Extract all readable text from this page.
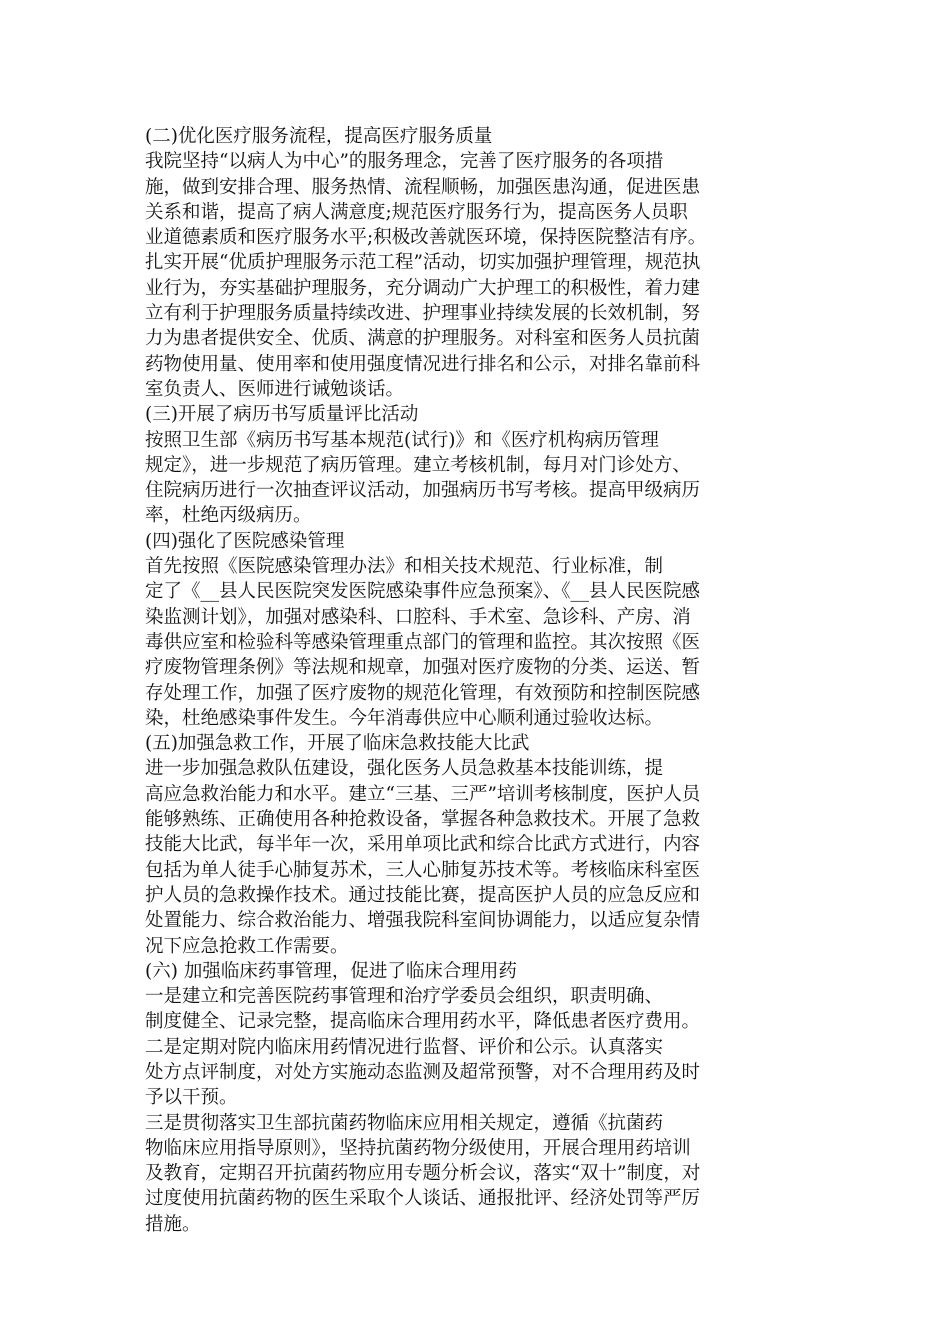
(二)优化医疗服务流程，提高医疗服务质量
我院坚持“以病人为中心”的服务理念，完善了医疗服务的各项措
施，做到安排合理、服务热情、流程顺畅，加强医患沟通，促进医患
关系和谐，提高了病人满意度;规范医疗服务行为，提高医务人员职
业道德素质和医疗服务水平;积极改善就医环境，保持医院整洁有序。
扎实开展“优质护理服务示范工程”活动，切实加强护理管理，规范执
业行为，夯实基础护理服务，充分调动广大护理工的积极性，着力建
立有利于护理服务质量持续改进、护理事业持续发展的长效机制，努
力为患者提供安全、优质、满意的护理服务。对科室和医务人员抗菌
药物使用量、使用率和使用强度情况进行排名和公示，对排名靠前科
室负责人、医师进行诫勉谈话。
(三)开展了病历书写质量评比活动
按照卫生部《病历书写基本规范(试行)》和《医疗机构病历管理
规定》，进一步规范了病历管理。建立考核机制，每月对门诊处方、
住院病历进行一次抽查评议活动，加强病历书写考核。提高甲级病历
率，杜绝丙级病历。
(四)强化了医院感染管理
首先按照《医院感染管理办法》和相关技术规范、行业标准，制
定了《__县人民医院突发医院感染事件应急预案》、《__县人民医院感
染监测计划》，加强对感染科、口腔科、手术室、急诊科、产房、消
毒供应室和检验科等感染管理重点部门的管理和监控。其次按照《医
疗废物管理条例》等法规和规章，加强对医疗废物的分类、运送、暂
存处理工作，加强了医疗废物的规范化管理，有效预防和控制医院感
染，杜绝感染事件发生。今年消毒供应中心顺利通过验收达标。
(五)加强急救工作，开展了临床急救技能大比武
进一步加强急救队伍建设，强化医务人员急救基本技能训练，提
高应急救治能力和水平。建立“三基、三严”培训考核制度，医护人员
能够熟练、正确使用各种抢救设备，掌握各种急救技术。开展了急救
技能大比武，每半年一次，采用单项比武和综合比武方式进行，内容
包括为单人徒手心肺复苏术，三人心肺复苏技术等。考核临床科室医
护人员的急救操作技术。通过技能比赛，提高医护人员的应急反应和
处置能力、综合救治能力、增强我院科室间协调能力，以适应复杂情
况下应急抢救工作需要。
(六) 加强临床药事管理，促进了临床合理用药
一是建立和完善医院药事管理和治疗学委员会组织，职责明确、
制度健全、记录完整，提高临床合理用药水平，降低患者医疗费用。
二是定期对院内临床用药情况进行监督、评价和公示。认真落实
处方点评制度，对处方实施动态监测及超常预警，对不合理用药及时
予以干预。
三是贯彻落实卫生部抗菌药物临床应用相关规定，遵循《抗菌药
物临床应用指导原则》，坚持抗菌药物分级使用，开展合理用药培训
及教育，定期召开抗菌药物应用专题分析会议，落实“双十”制度，对
过度使用抗菌药物的医生采取个人谈话、通报批评、经济处罚等严厉
措施。
